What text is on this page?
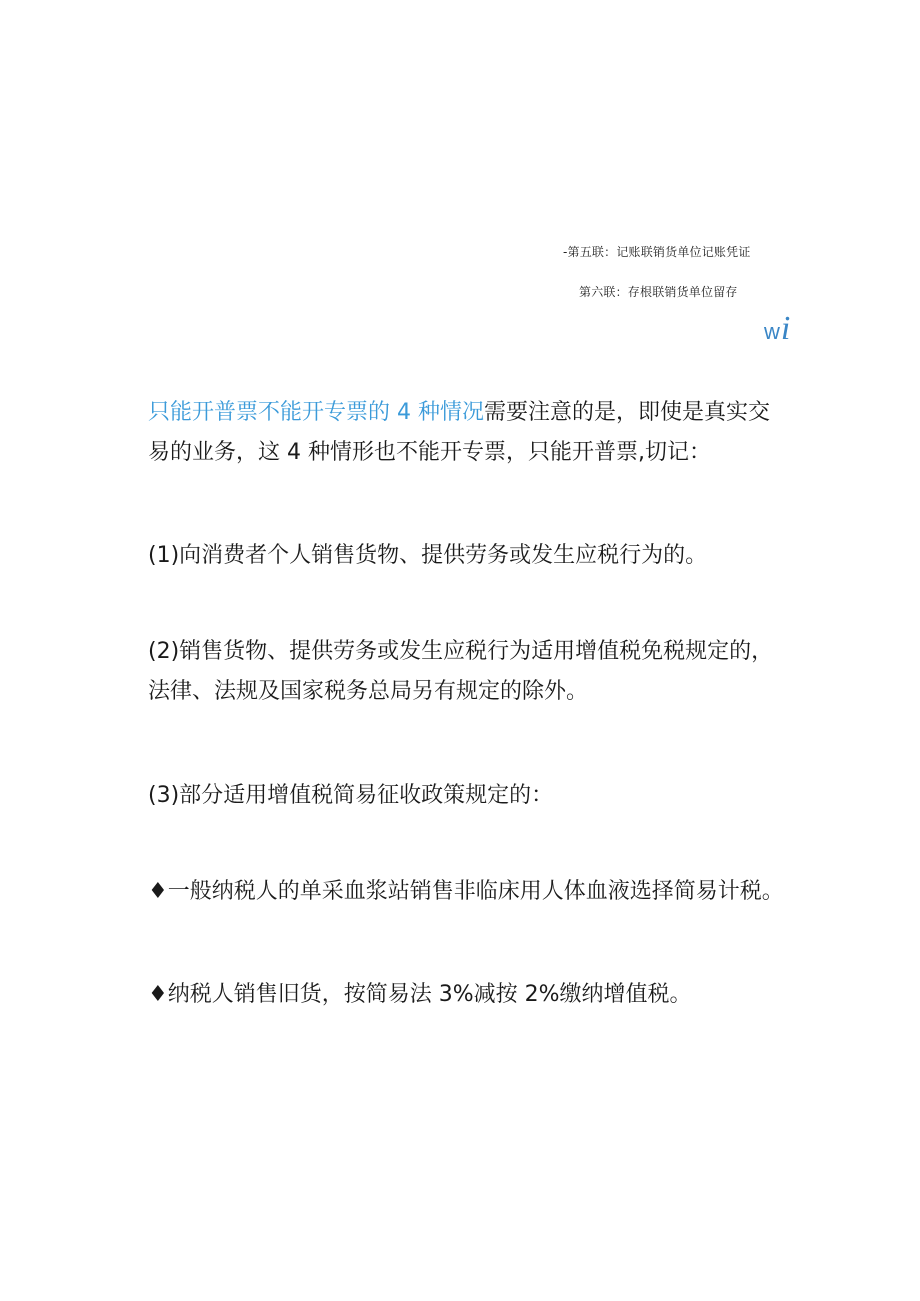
-第五联：记账联销货单位记账凭证
第六联：存根联销货单位留存
wi

只能开普票不能开专票的 4 种情况需要注意的是，即使是真实交
易的业务，这 4 种情形也不能开专票，只能开普票,切记：

(1)向消费者个人销售货物、提供劳务或发生应税行为的。

(2)销售货物、提供劳务或发生应税行为适用增值税免税规定的，
法律、法规及国家税务总局另有规定的除外。

(3)部分适用增值税简易征收政策规定的：

♦一般纳税人的单采血浆站销售非临床用人体血液选择简易计税。

♦纳税人销售旧货，按简易法 3%减按 2%缴纳增值税。
